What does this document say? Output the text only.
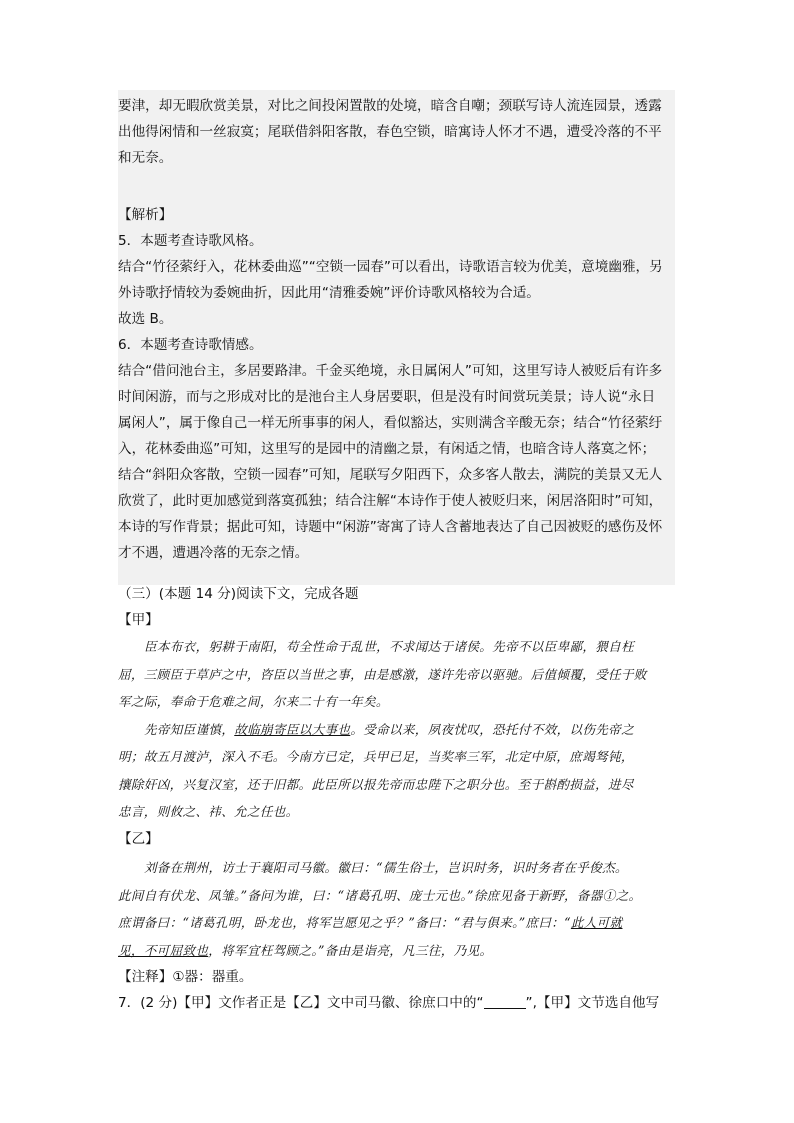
要津，却无暇欣赏美景，对比之间投闲置散的处境，暗含自嘲；颈联写诗人流连园景，透露
出他得闲情和一丝寂寞；尾联借斜阳客散，春色空锁，暗寓诗人怀才不遇，遭受冷落的不平
和无奈。
【解析】
5．本题考查诗歌风格。
结合“竹径萦纡入，花林委曲巡”“空锁一园春”可以看出，诗歌语言较为优美，意境幽雅，另
外诗歌抒情较为委婉曲折，因此用“清雅委婉”评价诗歌风格较为合适。
故选 B。
6．本题考查诗歌情感。
结合“借问池台主，多居要路津。千金买绝境，永日属闲人”可知，这里写诗人被贬后有许多
时间闲游，而与之形成对比的是池台主人身居要职，但是没有时间赏玩美景；诗人说“永日
属闲人”，属于像自己一样无所事事的闲人，看似豁达，实则满含辛酸无奈；结合“竹径萦纡
入，花林委曲巡”可知，这里写的是园中的清幽之景，有闲适之情，也暗含诗人落寞之怀；
结合“斜阳众客散，空锁一园春”可知，尾联写夕阳西下，众多客人散去，满院的美景又无人
欣赏了，此时更加感觉到落寞孤独；结合注解“本诗作于使人被贬归来，闲居洛阳时”可知，
本诗的写作背景；据此可知，诗题中“闲游”寄寓了诗人含蓄地表达了自己因被贬的感伤及怀
才不遇，遭遇冷落的无奈之情。
（三）(本题 14 分)阅读下文，完成各题
【甲】
臣本布衣，躬耕于南阳，苟全性命于乱世，不求闻达于诸侯。先帝不以臣卑鄙，猥自枉
屈，三顾臣于草庐之中，咨臣以当世之事，由是感激，遂许先帝以驱驰。后值倾覆，受任于败
军之际，奉命于危难之间，尔来二十有一年矣。
先帝知臣谨慎，故临崩寄臣以大事也。受命以来，夙夜忧叹，恐托付不效，以伤先帝之
明；故五月渡泸，深入不毛。今南方已定，兵甲已足，当奖率三军，北定中原，庶竭驽钝，
攘除奸凶，兴复汉室，还于旧都。此臣所以报先帝而忠陛下之职分也。至于斟酌损益，进尽
忠言，则攸之、祎、允之任也。
【乙】
刘备在荆州，访士于襄阳司马徽。徽曰：“儒生俗士，岂识时务，识时务者在乎俊杰。
此间自有伏龙、凤雏。”备问为谁，曰：“诸葛孔明、庞士元也。”徐庶见备于新野，备器①之。
庶谓备曰：“诸葛孔明，卧龙也，将军岂愿见之乎？”备曰：“君与俱来。”庶曰：“此人可就
见，不可屈致也，将军宜枉驾顾之。”备由是诣亮，凡三往，乃见。
【注释】①器：器重。
7．(2 分)【甲】文作者正是【乙】文中司马徽、徐庶口中的“	”,【甲】文节选自他写
